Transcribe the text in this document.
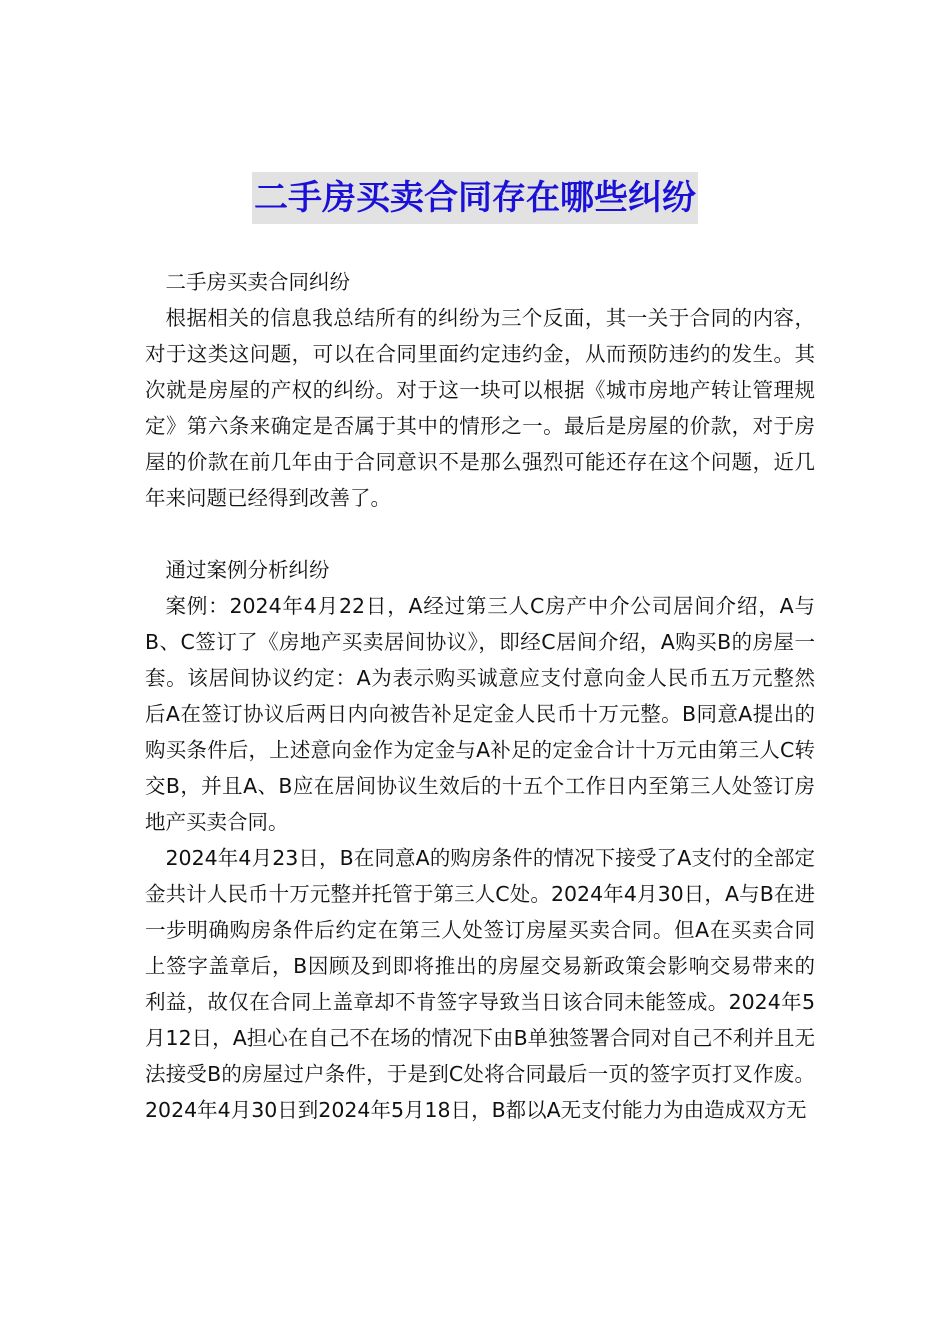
二手房买卖合同存在哪些纠纷

二手房买卖合同纠纷

根据相关的信息我总结所有的纠纷为三个反面，其一关于合同的内容，对于这类这问题，可以在合同里面约定违约金，从而预防违约的发生。其次就是房屋的产权的纠纷。对于这一块可以根据《城市房地产转让管理规定》第六条来确定是否属于其中的情形之一。最后是房屋的价款，对于房屋的价款在前几年由于合同意识不是那么强烈可能还存在这个问题，近几年来问题已经得到改善了。

通过案例分析纠纷

案例：2024年4月22日，A经过第三人C房产中介公司居间介绍，A与B、C签订了《房地产买卖居间协议》，即经C居间介绍，A购买B的房屋一套。该居间协议约定：A为表示购买诚意应支付意向金人民币五万元整然后A在签订协议后两日内向被告补足定金人民币十万元整。B同意A提出的购买条件后，上述意向金作为定金与A补足的定金合计十万元由第三人C转交B，并且A、B应在居间协议生效后的十五个工作日内至第三人处签订房地产买卖合同。

2024年4月23日，B在同意A的购房条件的情况下接受了A支付的全部定金共计人民币十万元整并托管于第三人C处。2024年4月30日，A与B在进一步明确购房条件后约定在第三人处签订房屋买卖合同。但A在买卖合同上签字盖章后，B因顾及到即将推出的房屋交易新政策会影响交易带来的利益，故仅在合同上盖章却不肯签字导致当日该合同未能签成。2024年5月12日，A担心在自己不在场的情况下由B单独签署合同对自己不利并且无法接受B的房屋过户条件，于是到C处将合同最后一页的签字页打叉作废。2024年4月30日到2024年5月18日，B都以A无支付能力为由造成双方无
